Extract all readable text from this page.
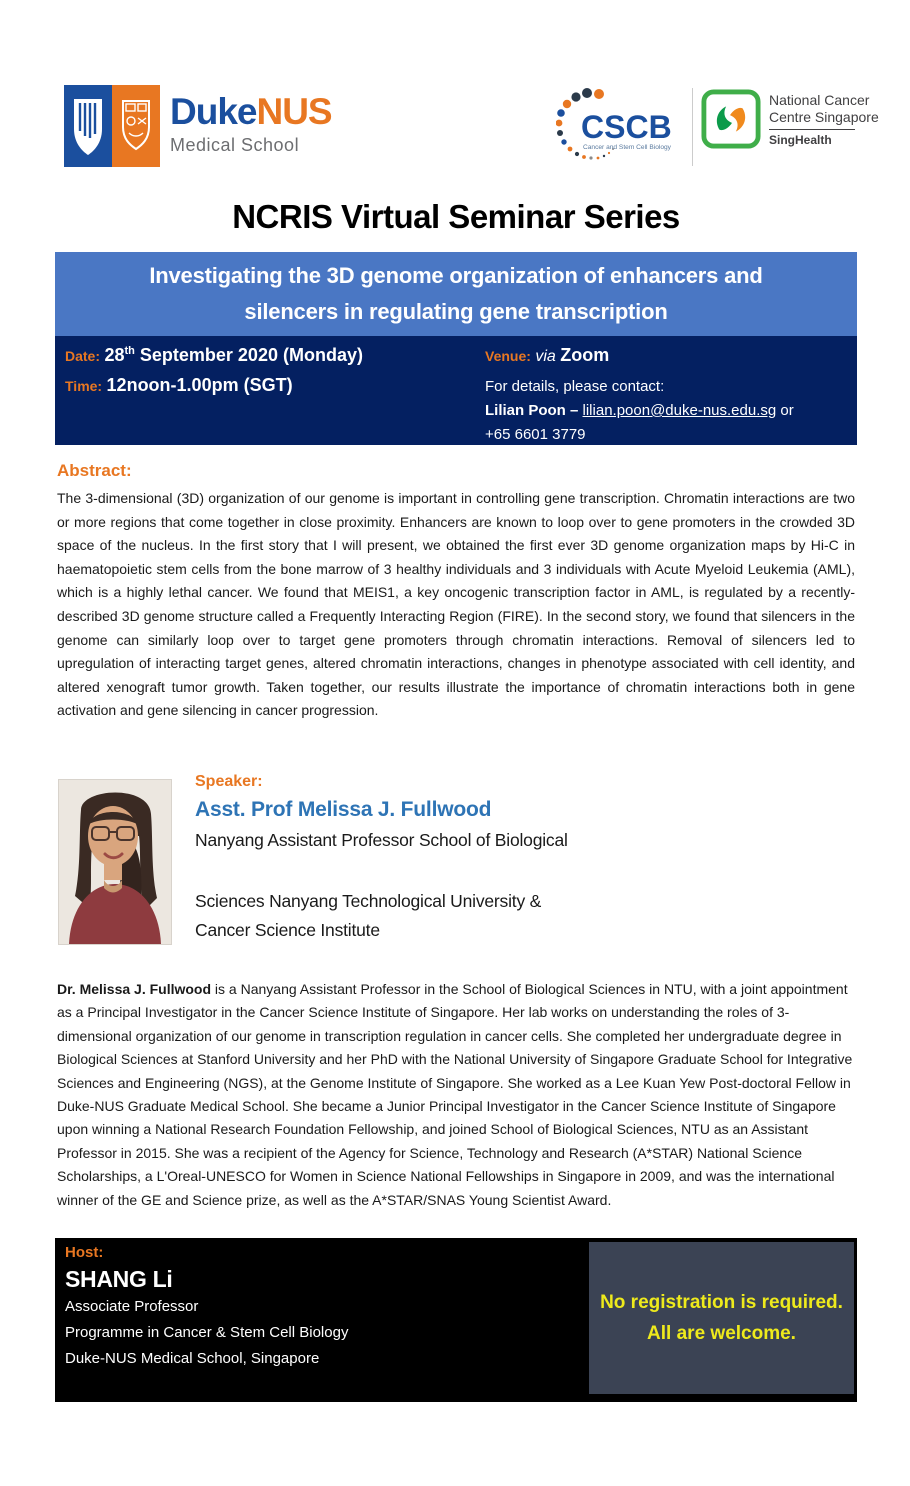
DukeNUS
Medical School	CSCB
Cancer and Stem Cell Biology
National Cancer
Centre Singapore
SingHealth
NCRIS Virtual Seminar Series
Investigating the 3D genome organization of enhancers and
silencers in regulating gene transcription
Date: 28th September 2020 (Monday)
Time: 12noon-1.00pm (SGT)
Venue: via Zoom
For details, please contact:
Lilian Poon – lilian.poon@duke-nus.edu.sg or
+65 6601 3779
Abstract:
The 3-dimensional (3D) organization of our genome is important in controlling gene transcription. Chromatin interactions are two or more regions that come together in close proximity. Enhancers are known to loop over to gene promoters in the crowded 3D space of the nucleus. In the first story that I will present, we obtained the first ever 3D genome organization maps by Hi-C in haematopoietic stem cells from the bone marrow of 3 healthy individuals and 3 individuals with Acute Myeloid Leukemia (AML), which is a highly lethal cancer. We found that MEIS1, a key oncogenic transcription factor in AML, is regulated by a recently-described 3D genome structure called a Frequently Interacting Region (FIRE). In the second story, we found that silencers in the genome can similarly loop over to target gene promoters through chromatin interactions. Removal of silencers led to upregulation of interacting target genes, altered chromatin interactions, changes in phenotype associated with cell identity, and altered xenograft tumor growth. Taken together, our results illustrate the importance of chromatin interactions both in gene activation and gene silencing in cancer progression.
Speaker:
Asst. Prof Melissa J. Fullwood
Nanyang Assistant Professor School of Biological
Sciences Nanyang Technological University &
Cancer Science Institute
Dr. Melissa J. Fullwood is a Nanyang Assistant Professor in the School of Biological Sciences in NTU, with a joint appointment as a Principal Investigator in the Cancer Science Institute of Singapore. Her lab works on understanding the roles of 3-dimensional organization of our genome in transcription regulation in cancer cells. She completed her undergraduate degree in Biological Sciences at Stanford University and her PhD with the National University of Singapore Graduate School for Integrative Sciences and Engineering (NGS), at the Genome Institute of Singapore. She worked as a Lee Kuan Yew Post-doctoral Fellow in Duke-NUS Graduate Medical School. She became a Junior Principal Investigator in the Cancer Science Institute of Singapore upon winning a National Research Foundation Fellowship, and joined School of Biological Sciences, NTU as an Assistant Professor in 2015. She was a recipient of the Agency for Science, Technology and Research (A*STAR) National Science Scholarships, a L'Oreal-UNESCO for Women in Science National Fellowships in Singapore in 2009, and was the international winner of the GE and Science prize, as well as the A*STAR/SNAS Young Scientist Award.
Host:
SHANG Li
Associate Professor
Programme in Cancer & Stem Cell Biology
Duke-NUS Medical School, Singapore
No registration is required.
All are welcome.
